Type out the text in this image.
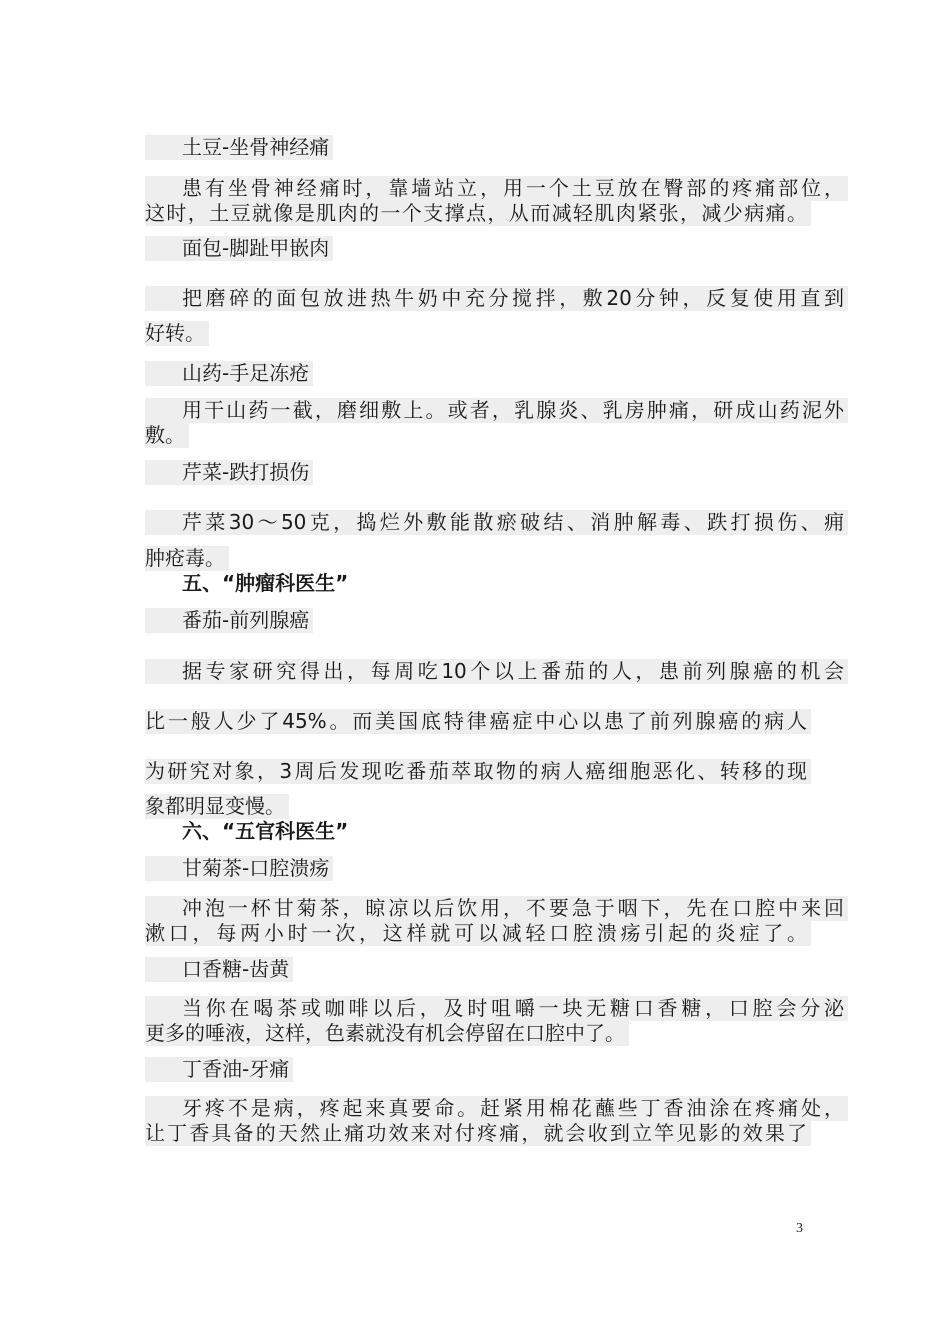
土豆-坐骨神经痛
患有坐骨神经痛时，靠墙站立，用一个土豆放在臀部的疼痛部位，
这时，土豆就像是肌肉的一个支撑点，从而减轻肌肉紧张，减少病痛。
面包-脚趾甲嵌肉
把磨碎的面包放进热牛奶中充分搅拌，敷20分钟，反复使用直到
好转。
山药-手足冻疮
用干山药一截，磨细敷上。或者，乳腺炎、乳房肿痛，研成山药泥外
敷。
芹菜-跌打损伤
芹菜30～50克，捣烂外敷能散瘀破结、消肿解毒、跌打损伤、痈
肿疮毒。
五、“肿瘤科医生”
番茄-前列腺癌
据专家研究得出，每周吃10个以上番茄的人，患前列腺癌的机会
比一般人少了45%。而美国底特律癌症中心以患了前列腺癌的病人
为研究对象，3周后发现吃番茄萃取物的病人癌细胞恶化、转移的现
象都明显变慢。
六、“五官科医生”
甘菊茶-口腔溃疡
冲泡一杯甘菊茶，晾凉以后饮用，不要急于咽下，先在口腔中来回
漱口，每两小时一次，这样就可以减轻口腔溃疡引起的炎症了。
口香糖-齿黄
当你在喝茶或咖啡以后，及时咀嚼一块无糖口香糖，口腔会分泌
更多的唾液，这样，色素就没有机会停留在口腔中了。
丁香油-牙痛
牙疼不是病，疼起来真要命。赶紧用棉花蘸些丁香油涂在疼痛处，
让丁香具备的天然止痛功效来对付疼痛，就会收到立竿见影的效果了
3
